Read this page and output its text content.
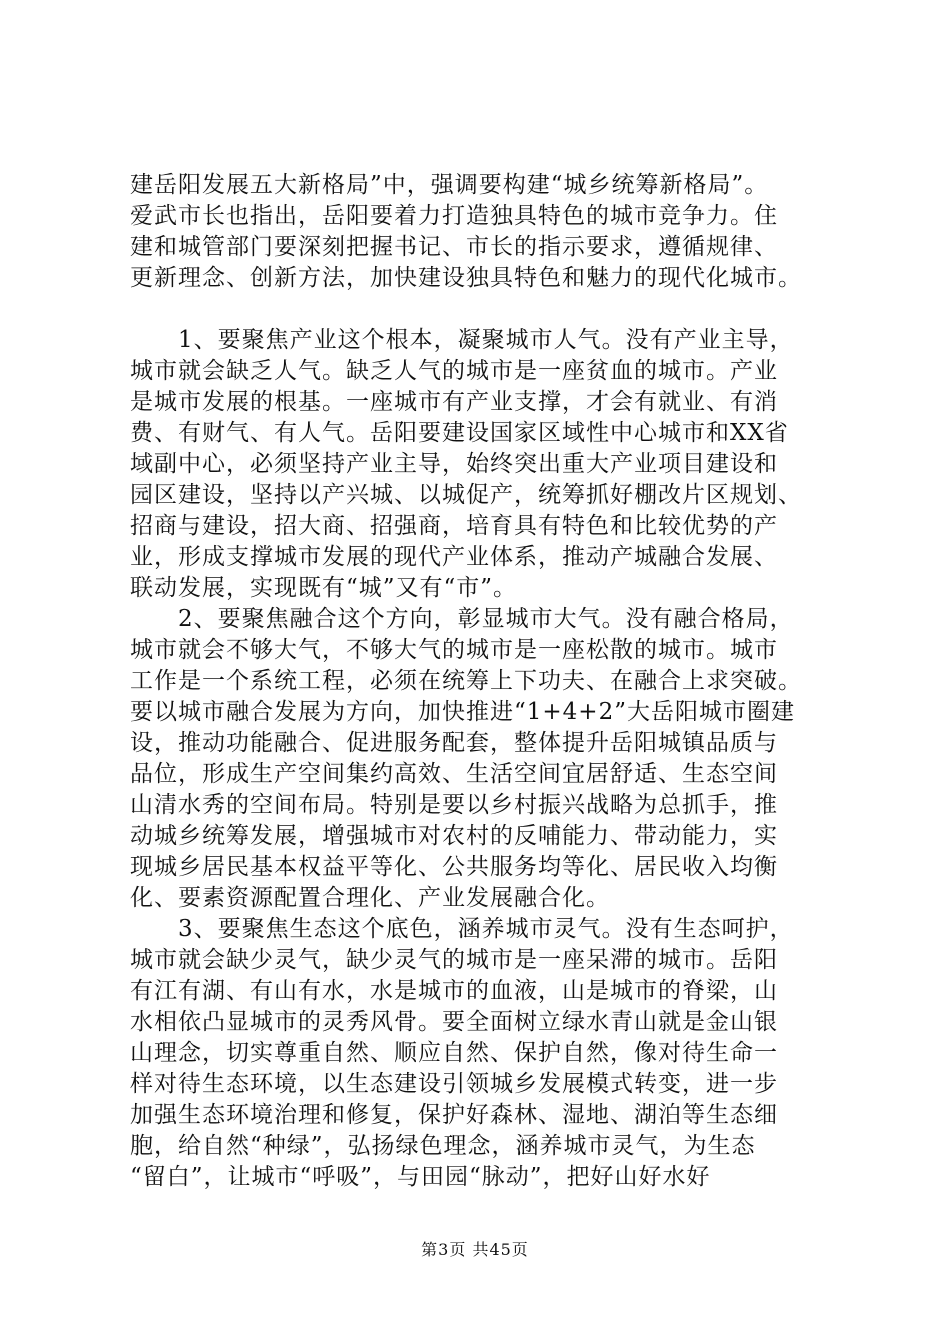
建岳阳发展五大新格局”中，强调要构建“城乡统筹新格局”。
爱武市长也指出，岳阳要着力打造独具特色的城市竞争力。住
建和城管部门要深刻把握书记、市长的指示要求，遵循规律、
更新理念、创新方法，加快建设独具特色和魅力的现代化城市。
　　1、要聚焦产业这个根本，凝聚城市人气。没有产业主导，
城市就会缺乏人气。缺乏人气的城市是一座贫血的城市。产业
是城市发展的根基。一座城市有产业支撑，才会有就业、有消
费、有财气、有人气。岳阳要建设国家区域性中心城市和XX省
域副中心，必须坚持产业主导，始终突出重大产业项目建设和
园区建设，坚持以产兴城、以城促产，统筹抓好棚改片区规划、
招商与建设，招大商、招强商，培育具有特色和比较优势的产
业，形成支撑城市发展的现代产业体系，推动产城融合发展、
联动发展，实现既有“城”又有“市”。
　　2、要聚焦融合这个方向，彰显城市大气。没有融合格局，
城市就会不够大气，不够大气的城市是一座松散的城市。城市
工作是一个系统工程，必须在统筹上下功夫、在融合上求突破。
要以城市融合发展为方向，加快推进“1+4+2”大岳阳城市圈建
设，推动功能融合、促进服务配套，整体提升岳阳城镇品质与
品位，形成生产空间集约高效、生活空间宜居舒适、生态空间
山清水秀的空间布局。特别是要以乡村振兴战略为总抓手，推
动城乡统筹发展，增强城市对农村的反哺能力、带动能力，实
现城乡居民基本权益平等化、公共服务均等化、居民收入均衡
化、要素资源配置合理化、产业发展融合化。
　　3、要聚焦生态这个底色，涵养城市灵气。没有生态呵护，
城市就会缺少灵气，缺少灵气的城市是一座呆滞的城市。岳阳
有江有湖、有山有水，水是城市的血液，山是城市的脊梁，山
水相依凸显城市的灵秀风骨。要全面树立绿水青山就是金山银
山理念，切实尊重自然、顺应自然、保护自然，像对待生命一
样对待生态环境，以生态建设引领城乡发展模式转变，进一步
加强生态环境治理和修复，保护好森林、湿地、湖泊等生态细
胞，给自然“种绿”，弘扬绿色理念，涵养城市灵气，为生态
“留白”，让城市“呼吸”，与田园“脉动”，把好山好水好
第3页 共45页
